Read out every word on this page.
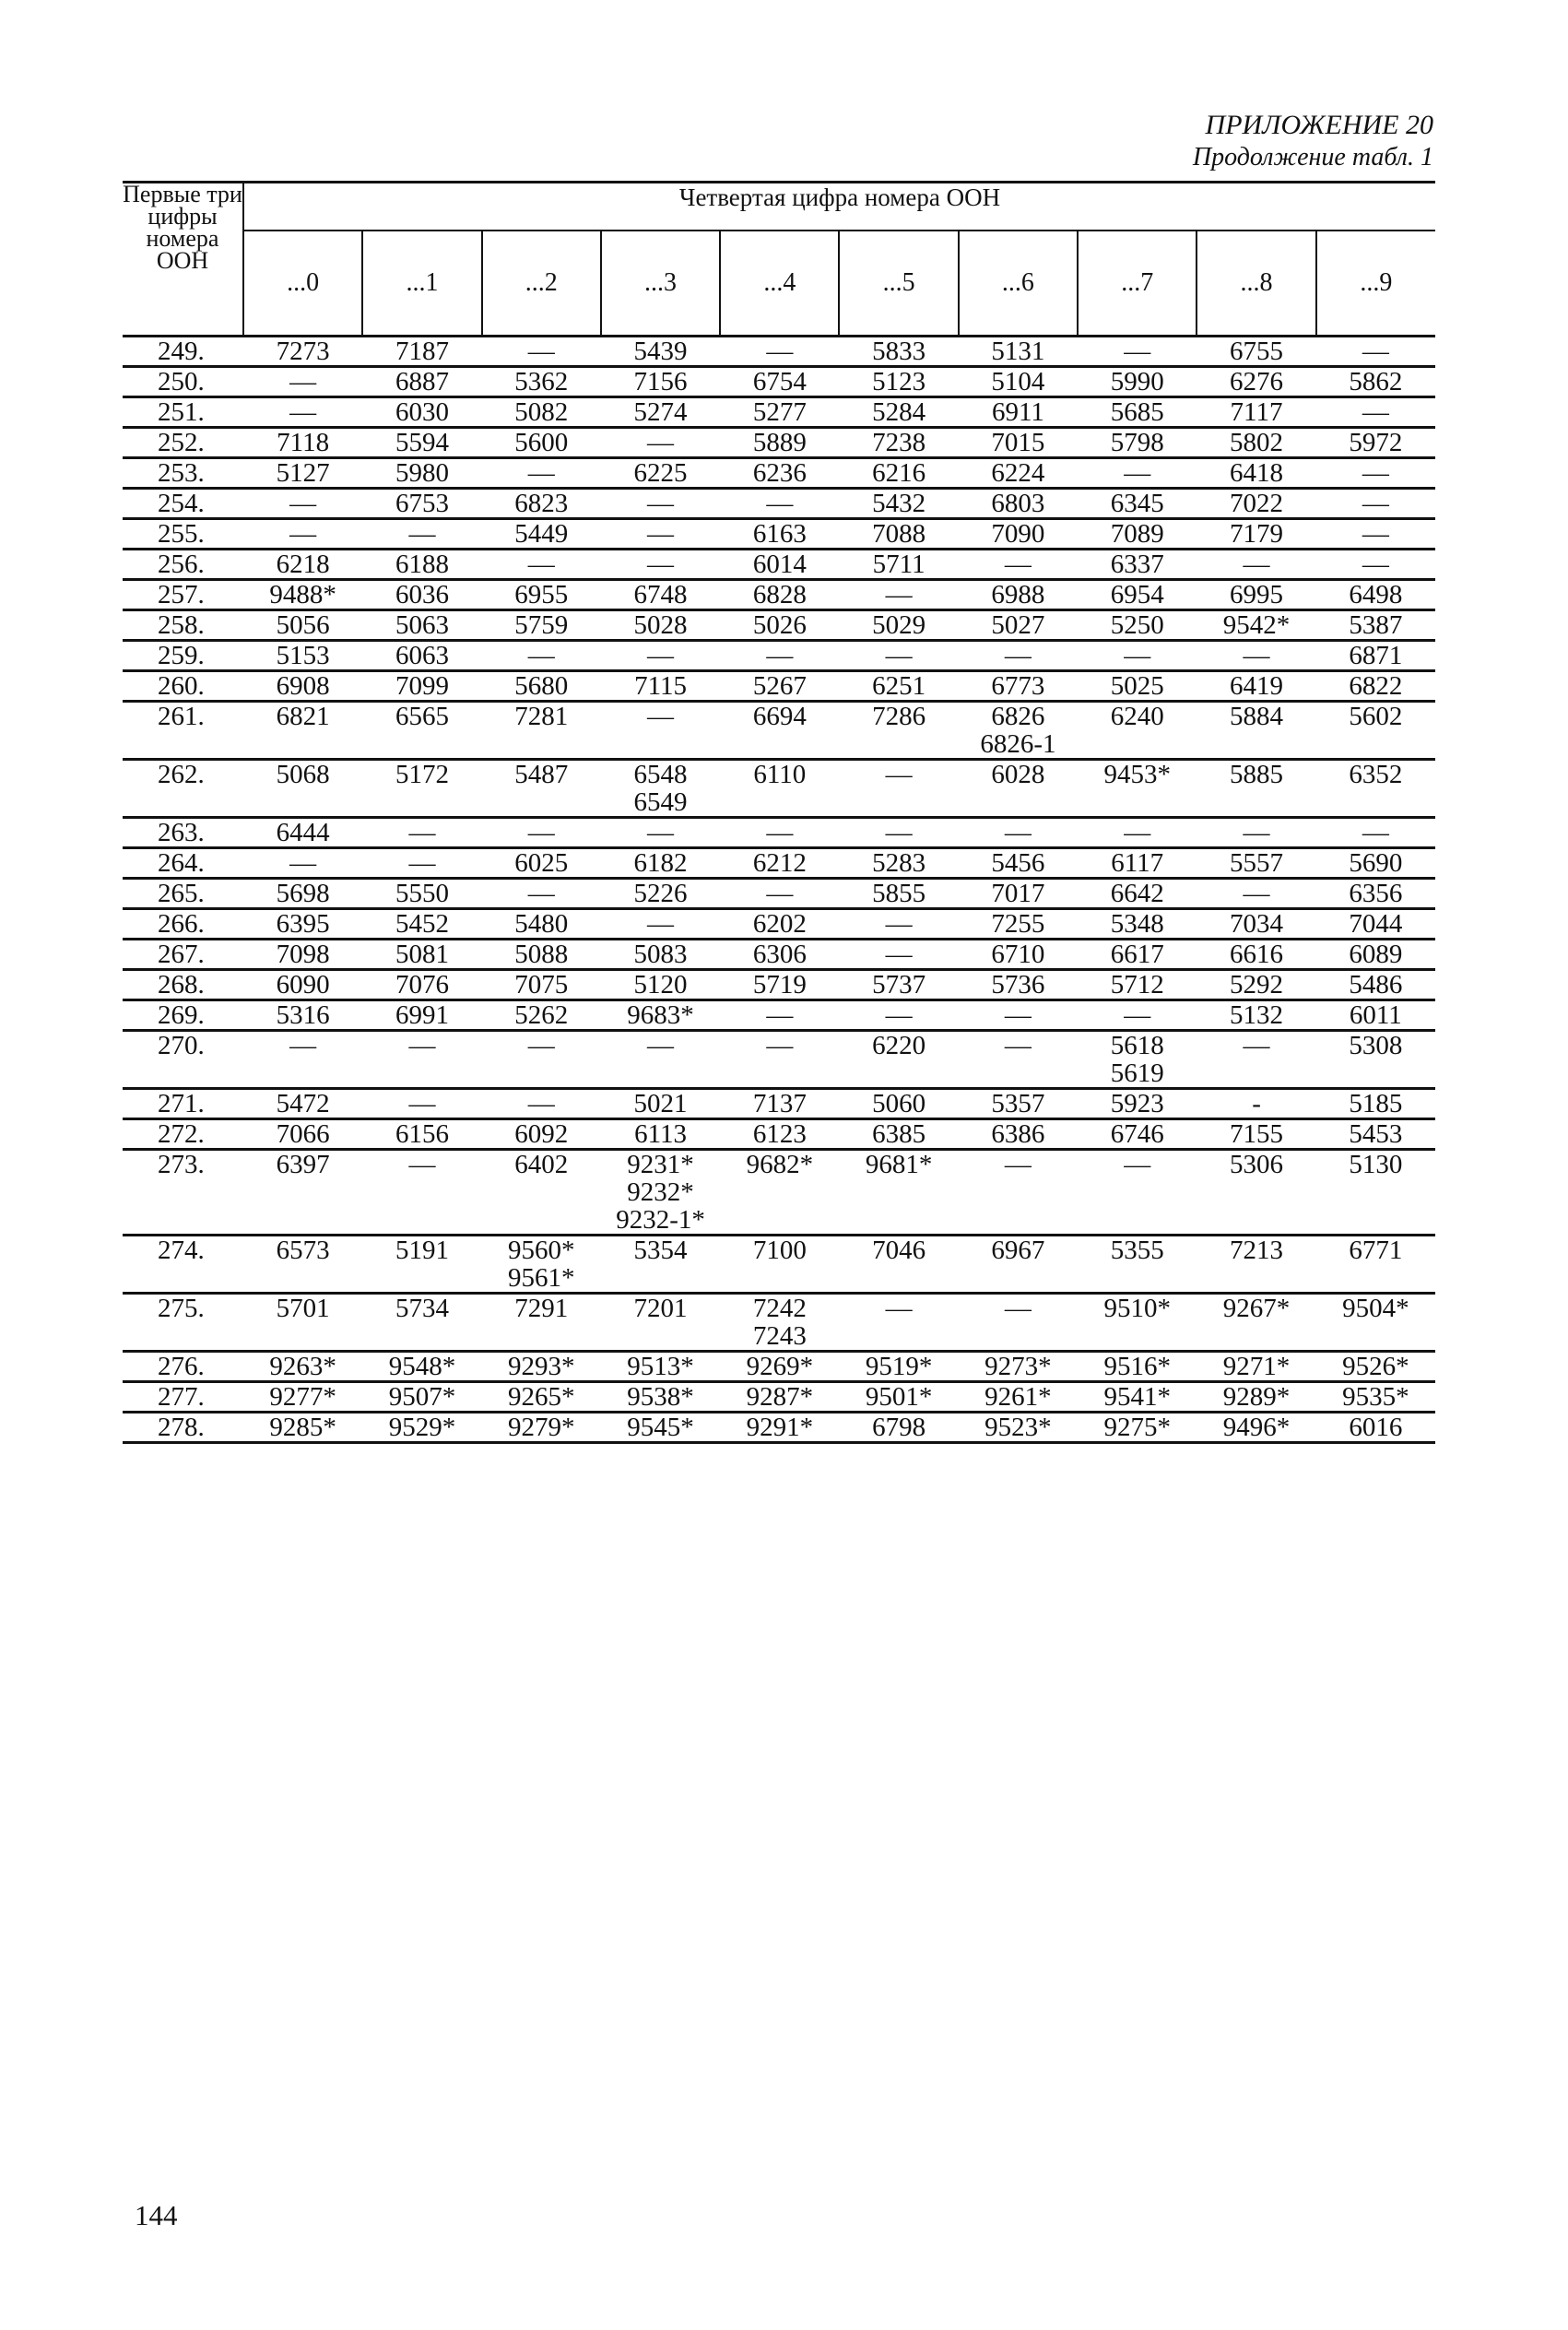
ПРИЛОЖЕНИЕ 20
Продолжение табл. 1
Первые три цифры номера ООН	Четвертая цифра номера ООН									
	...0	...1	...2	...3	...4	...5	...6	...7	...8	...9
249.	7273	7187	—	5439	—	5833	5131	—	6755	—
250.	—	6887	5362	7156	6754	5123	5104	5990	6276	5862
251.	—	6030	5082	5274	5277	5284	6911	5685	7117	—
252.	7118	5594	5600	—	5889	7238	7015	5798	5802	5972
253.	5127	5980	—	6225	6236	6216	6224	—	6418	—
254.	—	6753	6823	—	—	5432	6803	6345	7022	—
255.	—	—	5449	—	6163	7088	7090	7089	7179	—
256.	6218	6188	—	—	6014	5711	—	6337	—	—
257.	9488*	6036	6955	6748	6828	—	6988	6954	6995	6498
258.	5056	5063	5759	5028	5026	5029	5027	5250	9542*	5387
259.	5153	6063	—	—	—	—	—	—	—	6871
260.	6908	7099	5680	7115	5267	6251	6773	5025	6419	6822
261.	6821	6565	7281	—	6694	7286	6826
6826-1	6240	5884	5602
262.	5068	5172	5487	6548
6549	6110	—	6028	9453*	5885	6352
263.	6444	—	—	—	—	—	—	—	—	—
264.	—	—	6025	6182	6212	5283	5456	6117	5557	5690
265.	5698	5550	—	5226	—	5855	7017	6642	—	6356
266.	6395	5452	5480	—	6202	—	7255	5348	7034	7044
267.	7098	5081	5088	5083	6306	—	6710	6617	6616	6089
268.	6090	7076	7075	5120	5719	5737	5736	5712	5292	5486
269.	5316	6991	5262	9683*	—	—	—	—	5132	6011
270.	—	—	—	—	—	6220	—	5618
5619	—	5308
271.	5472	—	—	5021	7137	5060	5357	5923	-	5185
272.	7066	6156	6092	6113	6123	6385	6386	6746	7155	5453
273.	6397	—	6402	9231*
9232*
9232-1*	9682*	9681*	—	—	5306	5130
274.	6573	5191	9560*
9561*	5354	7100	7046	6967	5355	7213	6771
275.	5701	5734	7291	7201	7242
7243	—	—	9510*	9267*	9504*
276.	9263*	9548*	9293*	9513*	9269*	9519*	9273*	9516*	9271*	9526*
277.	9277*	9507*	9265*	9538*	9287*	9501*	9261*	9541*	9289*	9535*
278.	9285*	9529*	9279*	9545*	9291*	6798	9523*	9275*	9496*	6016
144
